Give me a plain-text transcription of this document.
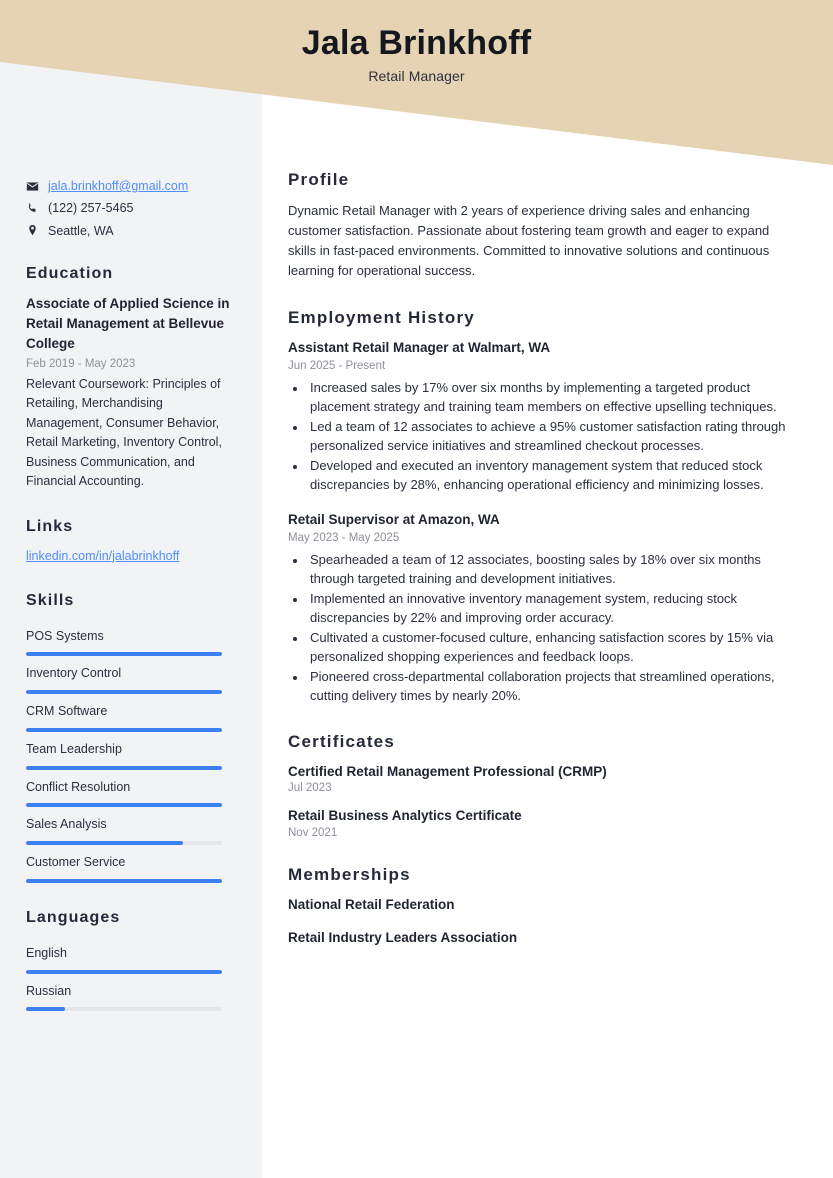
Jala Brinkhoff
Retail Manager
jala.brinkhoff@gmail.com
(122) 257-5465
Seattle, WA
Education
Associate of Applied Science in Retail Management at Bellevue College
Feb 2019 - May 2023
Relevant Coursework: Principles of Retailing, Merchandising Management, Consumer Behavior, Retail Marketing, Inventory Control, Business Communication, and Financial Accounting.
Links
linkedin.com/in/jalabrinkhoff
Skills
POS Systems
Inventory Control
CRM Software
Team Leadership
Conflict Resolution
Sales Analysis
Customer Service
Languages
English
Russian
Profile
Dynamic Retail Manager with 2 years of experience driving sales and enhancing customer satisfaction. Passionate about fostering team growth and eager to expand skills in fast-paced environments. Committed to innovative solutions and continuous learning for operational success.
Employment History
Assistant Retail Manager at Walmart, WA
Jun 2025 - Present
• Increased sales by 17% over six months by implementing a targeted product placement strategy and training team members on effective upselling techniques.
• Led a team of 12 associates to achieve a 95% customer satisfaction rating through personalized service initiatives and streamlined checkout processes.
• Developed and executed an inventory management system that reduced stock discrepancies by 28%, enhancing operational efficiency and minimizing losses.
Retail Supervisor at Amazon, WA
May 2023 - May 2025
• Spearheaded a team of 12 associates, boosting sales by 18% over six months through targeted training and development initiatives.
• Implemented an innovative inventory management system, reducing stock discrepancies by 22% and improving order accuracy.
• Cultivated a customer-focused culture, enhancing satisfaction scores by 15% via personalized shopping experiences and feedback loops.
• Pioneered cross-departmental collaboration projects that streamlined operations, cutting delivery times by nearly 20%.
Certificates
Certified Retail Management Professional (CRMP)
Jul 2023
Retail Business Analytics Certificate
Nov 2021
Memberships
National Retail Federation
Retail Industry Leaders Association
